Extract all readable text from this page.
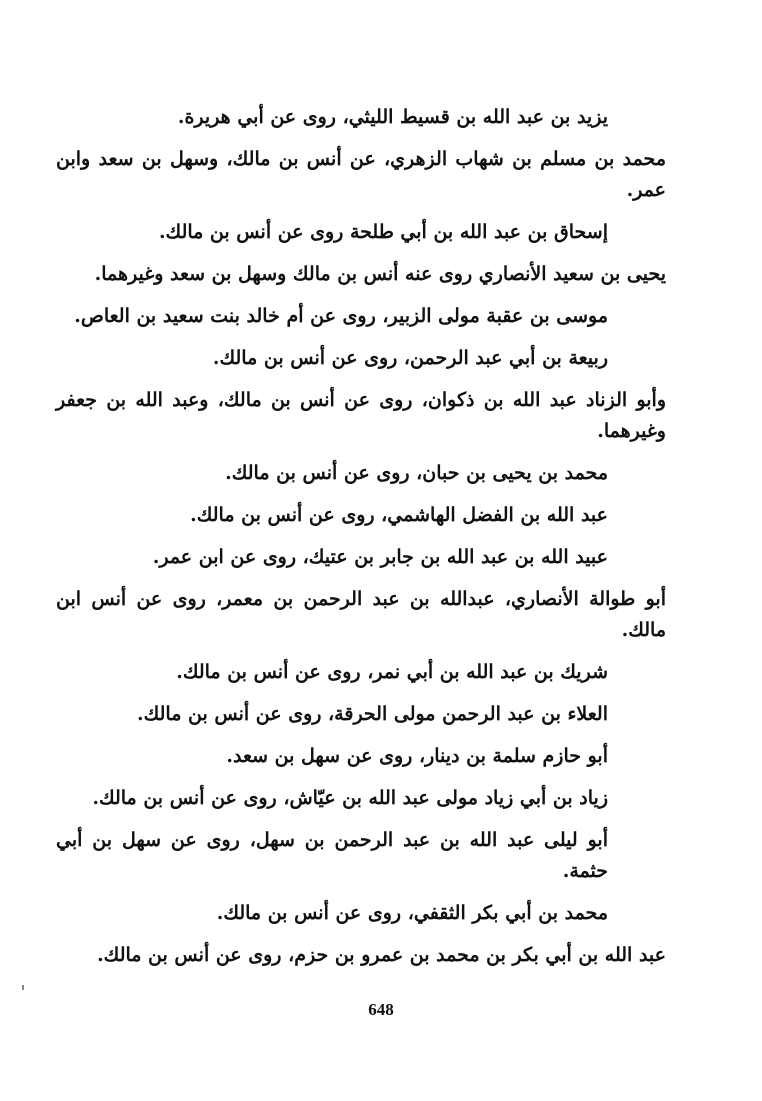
يزيد بن عبد الله بن قسيط الليثي، روى عن أبي هريرة.

محمد بن مسلم بن شهاب الزهري، عن أنس بن مالك، وسهل بن سعد وابن عمر.

إسحاق بن عبد الله بن أبي طلحة روى عن أنس بن مالك.

يحيى بن سعيد الأنصاري روى عنه أنس بن مالك وسهل بن سعد وغيرهما.

موسى بن عقبة مولى الزبير، روى عن أم خالد بنت سعيد بن العاص.

ربيعة بن أبي عبد الرحمن، روى عن أنس بن مالك.

وأبو الزناد عبد الله بن ذكوان، روى عن أنس بن مالك، وعبد الله بن جعفر وغيرهما.

محمد بن يحيى بن حبان، روى عن أنس بن مالك.

عبد الله بن الفضل الهاشمي، روى عن أنس بن مالك.

عبيد الله بن عبد الله بن جابر بن عتيك، روى عن ابن عمر.

أبو طوالة الأنصاري، عبدالله بن عبد الرحمن بن معمر، روى عن أنس ابن مالك.

شريك بن عبد الله بن أبي نمر، روى عن أنس بن مالك.

العلاء بن عبد الرحمن مولى الحرقة، روى عن أنس بن مالك.

أبو حازم سلمة بن دينار، روى عن سهل بن سعد.

زياد بن أبي زياد مولى عبد الله بن عيّاش، روى عن أنس بن مالك.

أبو ليلى عبد الله بن عبد الرحمن بن سهل، روى عن سهل بن أبي حثمة.

محمد بن أبي بكر الثقفي، روى عن أنس بن مالك.

عبد الله بن أبي بكر بن محمد بن عمرو بن حزم، روى عن أنس بن مالك.

648
